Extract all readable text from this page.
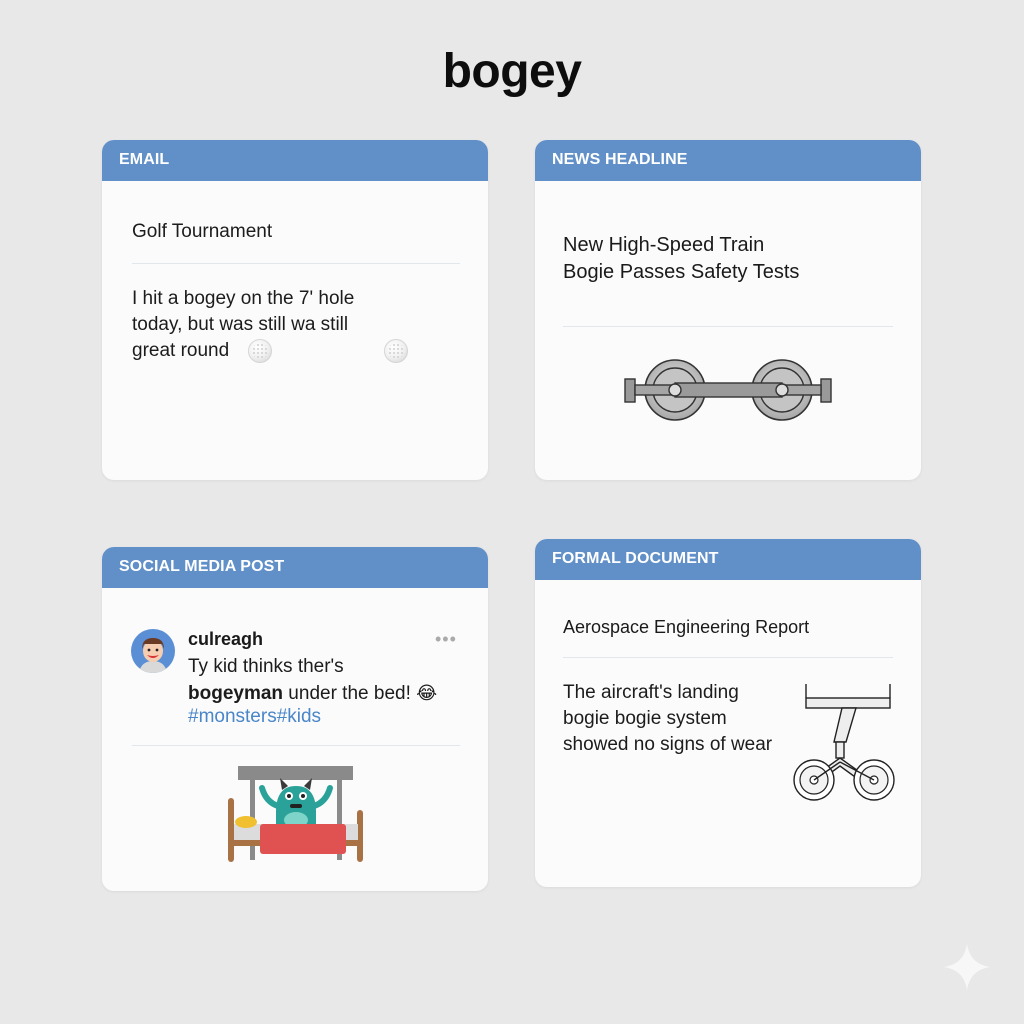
bogey
EMAIL
Golf Tournament
I hit a bogey on the 7' hole
today, but was still wa still
great round
NEWS HEADLINE
New High-Speed Train
Bogie Passes Safety Tests
SOCIAL MEDIA POST
culreagh	•••
Ty kid thinks ther's
bogeyman under the bed! 😂
#monsters#kids
FORMAL DOCUMENT
Aerospace Engineering Report
The aircraft's landing
bogie bogie system
showed no signs of wear
